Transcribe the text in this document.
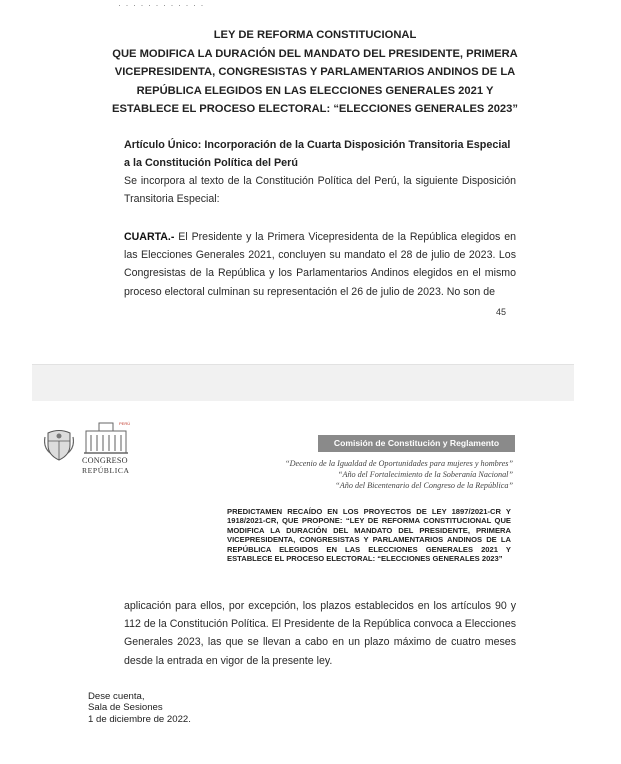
· · · · · · · · · · · ·
LEY DE REFORMA CONSTITUCIONAL
QUE MODIFICA LA DURACIÓN DEL MANDATO DEL PRESIDENTE, PRIMERA
VICEPRESIDENTA, CONGRESISTAS Y PARLAMENTARIOS ANDINOS DE LA
REPÚBLICA ELEGIDOS EN LAS ELECCIONES GENERALES 2021 Y
ESTABLECE EL PROCESO ELECTORAL: “ELECCIONES GENERALES 2023”
Artículo Único: Incorporación de la Cuarta Disposición Transitoria Especial a la Constitución Política del Perú
Se incorpora al texto de la Constitución Política del Perú, la siguiente Disposición Transitoria Especial:
CUARTA.- El Presidente y la Primera Vicepresidenta de la República elegidos en las Elecciones Generales 2021, concluyen su mandato el 28 de julio de 2023. Los Congresistas de la República y los Parlamentarios Andinos elegidos en el mismo proceso electoral culminan su representación el 26 de julio de 2023. No son de
45
PERÚ
CONGRESO
REPÚBLICA
Comisión de Constitución y Reglamento
“Decenio de la Igualdad de Oportunidades para mujeres y hombres”
“Año del Fortalecimiento de la Soberanía Nacional”
“Año del Bicentenario del Congreso de la República”
PREDICTAMEN RECAÍDO EN LOS PROYECTOS DE LEY 1897/2021-CR Y 1918/2021-CR, QUE PROPONE: “LEY DE REFORMA CONSTITUCIONAL QUE MODIFICA LA DURACIÓN DEL MANDATO DEL PRESIDENTE, PRIMERA VICEPRESIDENTA, CONGRESISTAS Y PARLAMENTARIOS ANDINOS DE LA REPÚBLICA ELEGIDOS EN LAS ELECCIONES GENERALES 2021 Y ESTABLECE EL PROCESO ELECTORAL: “ELECCIONES GENERALES 2023”
aplicación para ellos, por excepción, los plazos establecidos en los artículos 90 y 112 de la Constitución Política. El Presidente de la República convoca a Elecciones Generales 2023, las que se llevan a cabo en un plazo máximo de cuatro meses desde la entrada en vigor de la presente ley.
Dese cuenta,
Sala de Sesiones
1 de diciembre de 2022.
